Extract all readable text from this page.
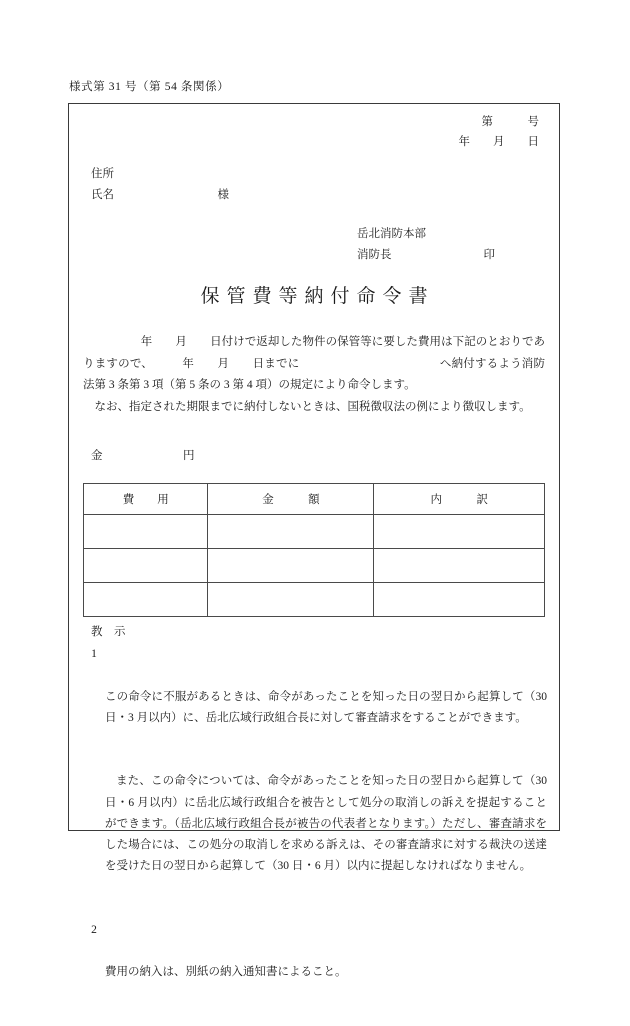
様式第 31 号（第 54 条関係）
第　　　号
年　　月　　日
住所
氏名　　　　　　　　　様
岳北消防本部
消防長　　　　　　　　印
保管費等納付命令書

　　　　　年　　月　　日付けで返却した物件の保管等に要した費用は下記のとおりでありますので、　　　年　　月　　日までに　　　　　　　　　　　　へ納付するよう消防法第 3 条第 3 項（第 5 条の 3 第 4 項）の規定により命令します。

　なお、指定された期限までに納付しないときは、国税徴収法の例により徴収します。

金　　　　　　　円
費　　用	金　　　額	内　　　訳

教　示
1

この命令に不服があるときは、命令があったことを知った日の翌日から起算して（30 日・3 月以内）に、岳北広域行政組合長に対して審査請求をすることができます。

また、この命令については、命令があったことを知った日の翌日から起算して（30 日・6 月以内）に岳北広域行政組合を被告として処分の取消しの訴えを提起することができます。（岳北広域行政組合長が被告の代表者となります。）ただし、審査請求をした場合には、この処分の取消しを求める訴えは、その審査請求に対する裁決の送達を受けた日の翌日から起算して（30 日・6 月）以内に提起しなければなりません。

2

費用の納入は、別紙の納入通知書によること。
